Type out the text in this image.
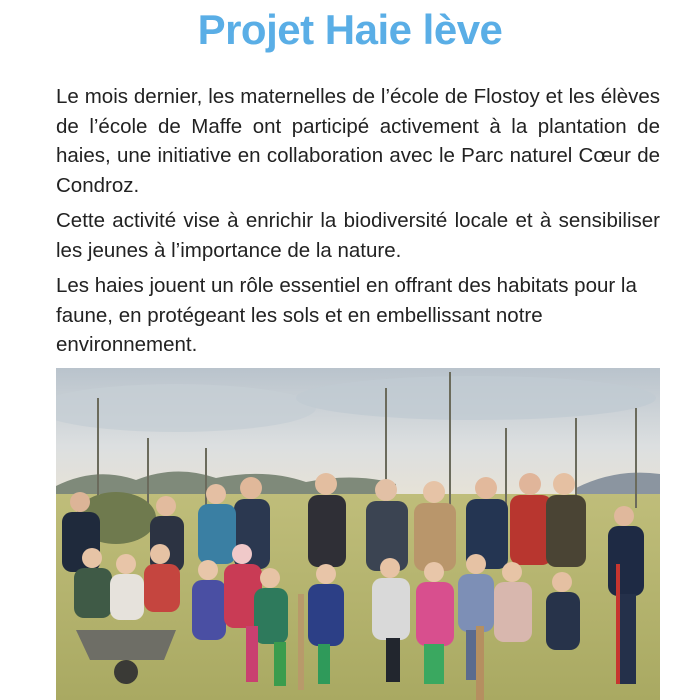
Projet Haie lève

Le mois dernier, les maternelles de l’école de Flostoy et les élèves de l’école de Maffe ont participé activement à la plantation de haies, une initiative en collaboration avec le Parc naturel Cœur de Condroz.

Cette activité vise à enrichir la biodiversité locale et à sensibiliser les jeunes à l’importance de la nature.

Les haies jouent un rôle essentiel en offrant des habitats pour la faune, en protégeant les sols et en embellissant notre environnement.
